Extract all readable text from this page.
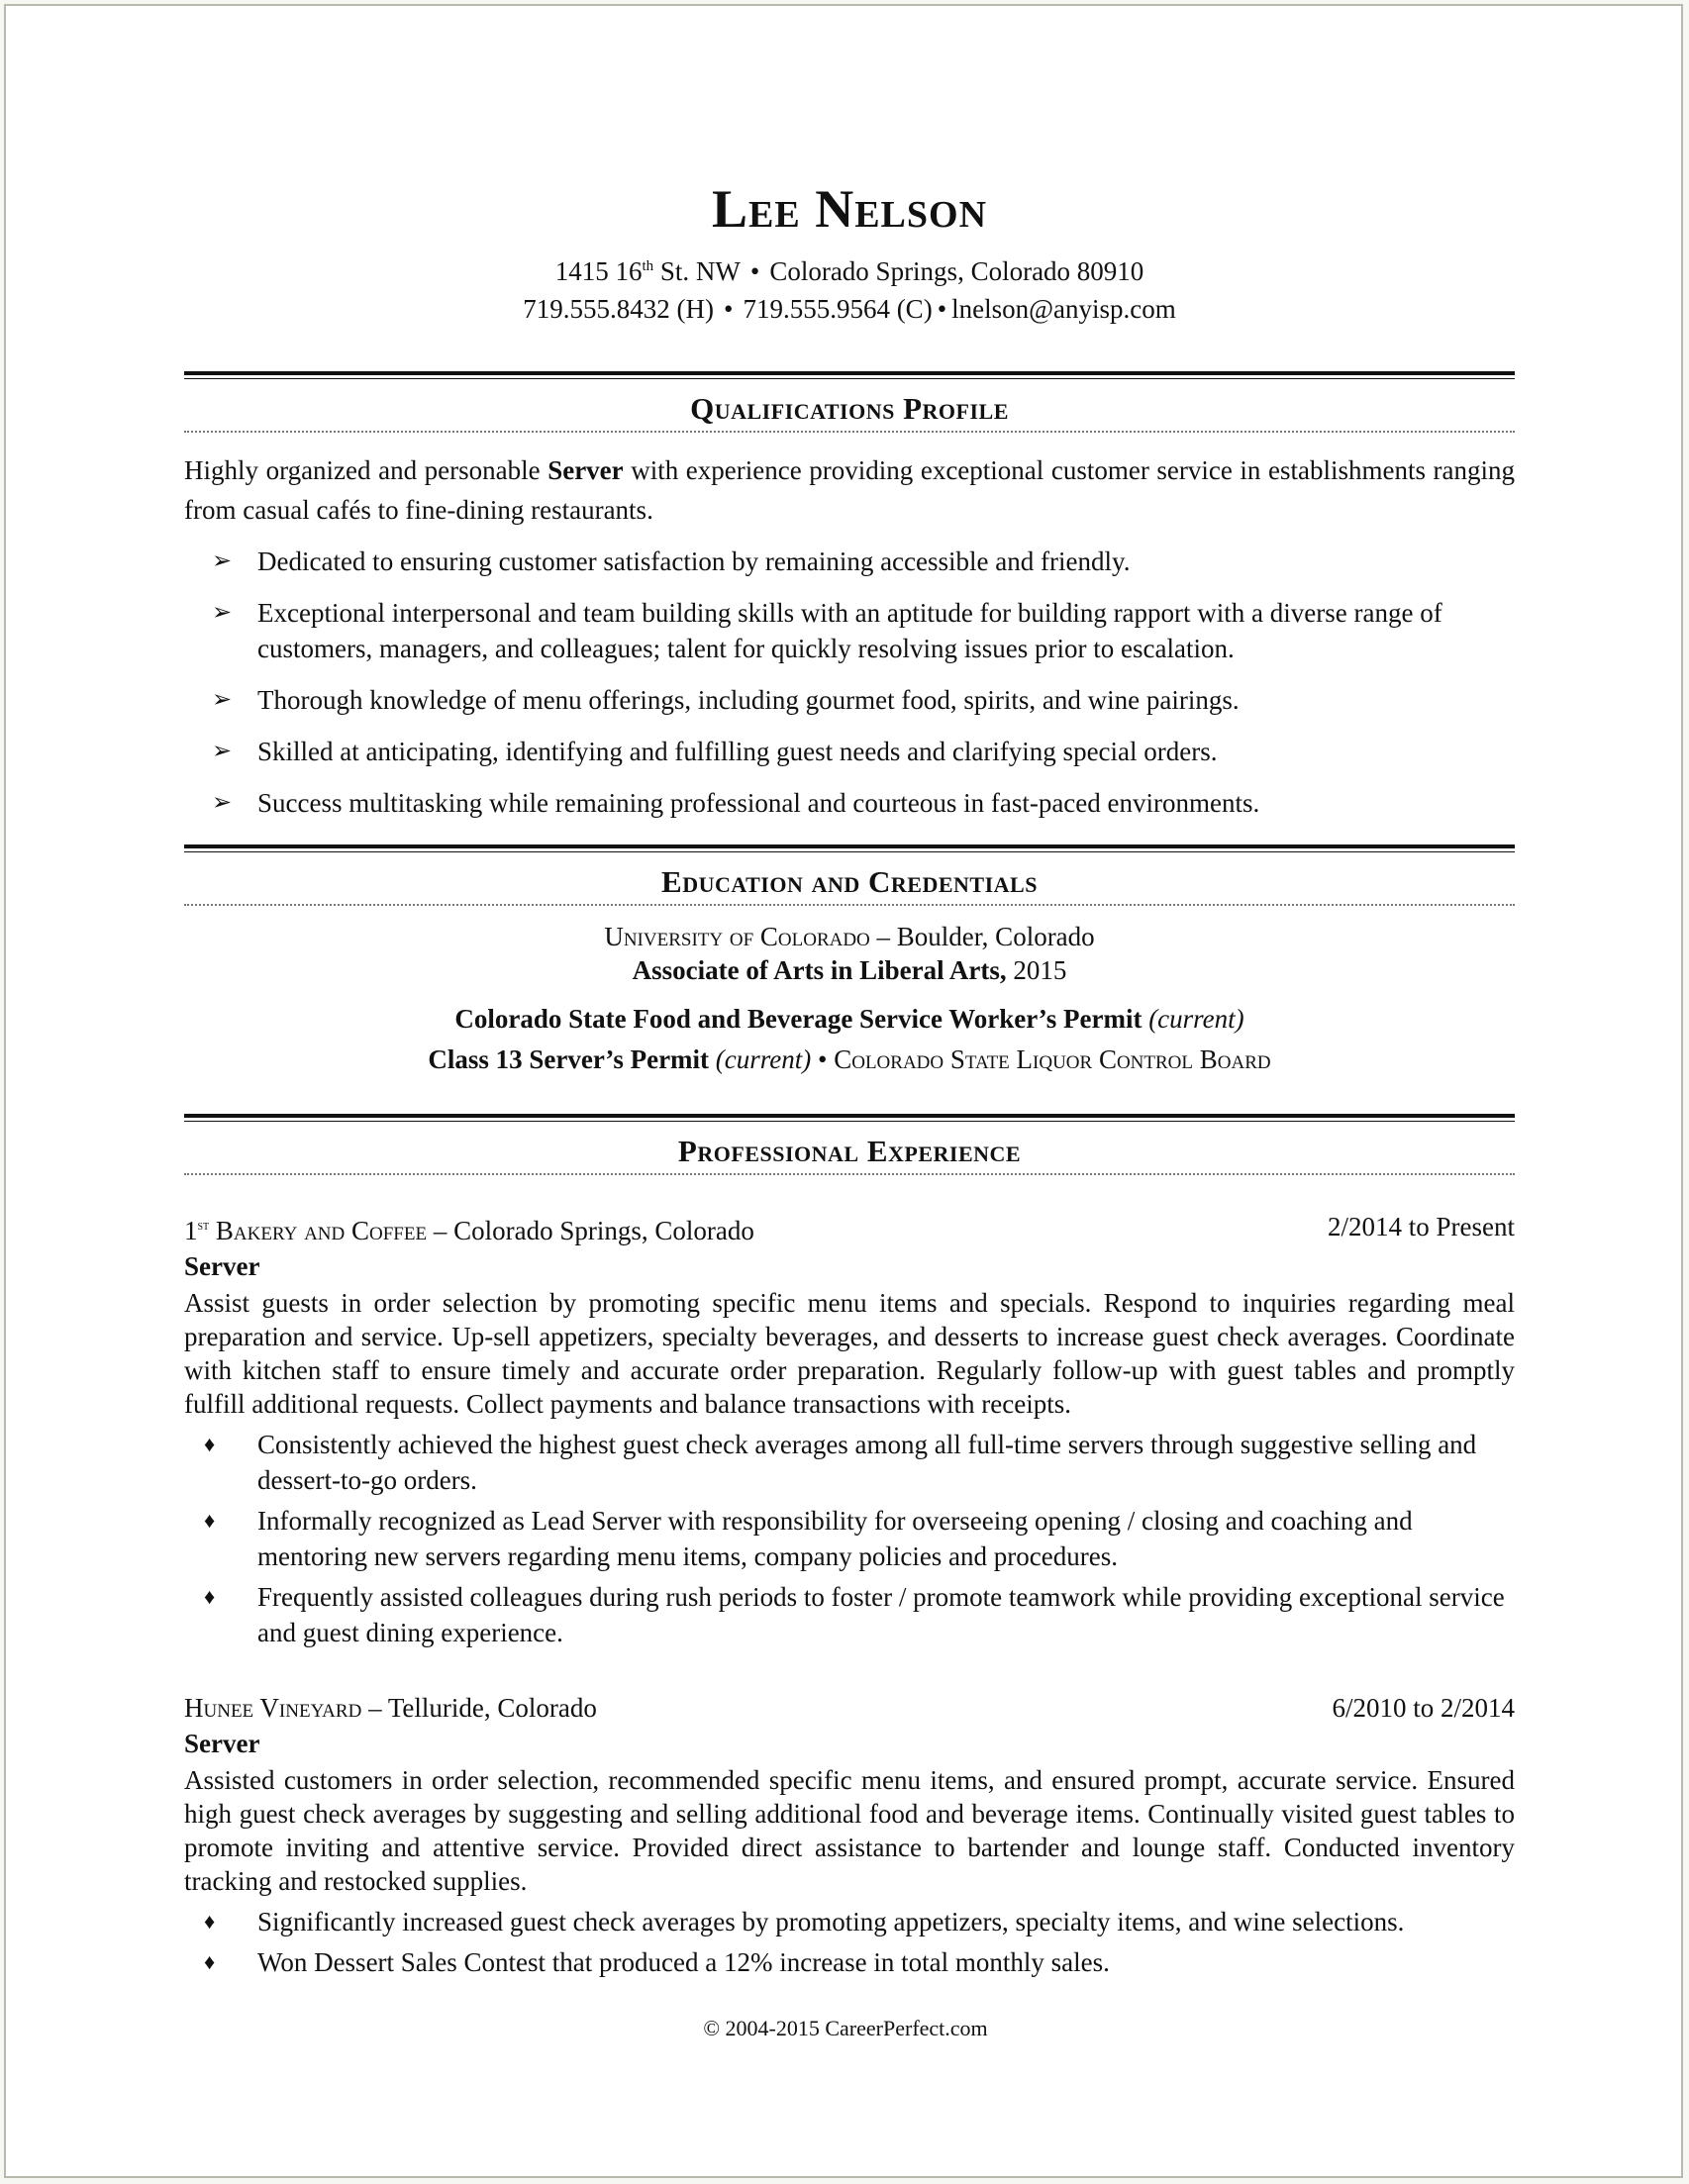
Lee Nelson
1415 16th St. NW • Colorado Springs, Colorado 80910
719.555.8432 (H) • 719.555.9564 (C) • lnelson@anyisp.com
Qualifications Profile
Highly organized and personable Server with experience providing exceptional customer service in establishments ranging from casual cafés to fine-dining restaurants.
➢ Dedicated to ensuring customer satisfaction by remaining accessible and friendly.
➢ Exceptional interpersonal and team building skills with an aptitude for building rapport with a diverse range of customers, managers, and colleagues; talent for quickly resolving issues prior to escalation.
➢ Thorough knowledge of menu offerings, including gourmet food, spirits, and wine pairings.
➢ Skilled at anticipating, identifying and fulfilling guest needs and clarifying special orders.
➢ Success multitasking while remaining professional and courteous in fast-paced environments.
Education and Credentials
University of Colorado – Boulder, Colorado
Associate of Arts in Liberal Arts, 2015
Colorado State Food and Beverage Service Worker’s Permit (current)
Class 13 Server’s Permit (current) • Colorado State Liquor Control Board
Professional Experience
1st Bakery and Coffee – Colorado Springs, Colorado	2/2014 to Present
Server
Assist guests in order selection by promoting specific menu items and specials. Respond to inquiries regarding meal preparation and service. Up-sell appetizers, specialty beverages, and desserts to increase guest check averages. Coordinate with kitchen staff to ensure timely and accurate order preparation. Regularly follow-up with guest tables and promptly fulfill additional requests. Collect payments and balance transactions with receipts.
♦ Consistently achieved the highest guest check averages among all full-time servers through suggestive selling and dessert-to-go orders.
♦ Informally recognized as Lead Server with responsibility for overseeing opening / closing and coaching and mentoring new servers regarding menu items, company policies and procedures.
♦ Frequently assisted colleagues during rush periods to foster / promote teamwork while providing exceptional service and guest dining experience.
Hunee Vineyard – Telluride, Colorado	6/2010 to 2/2014
Server
Assisted customers in order selection, recommended specific menu items, and ensured prompt, accurate service. Ensured high guest check averages by suggesting and selling additional food and beverage items. Continually visited guest tables to promote inviting and attentive service. Provided direct assistance to bartender and lounge staff. Conducted inventory tracking and restocked supplies.
♦ Significantly increased guest check averages by promoting appetizers, specialty items, and wine selections.
♦ Won Dessert Sales Contest that produced a 12% increase in total monthly sales.
© 2004-2015 CareerPerfect.com
